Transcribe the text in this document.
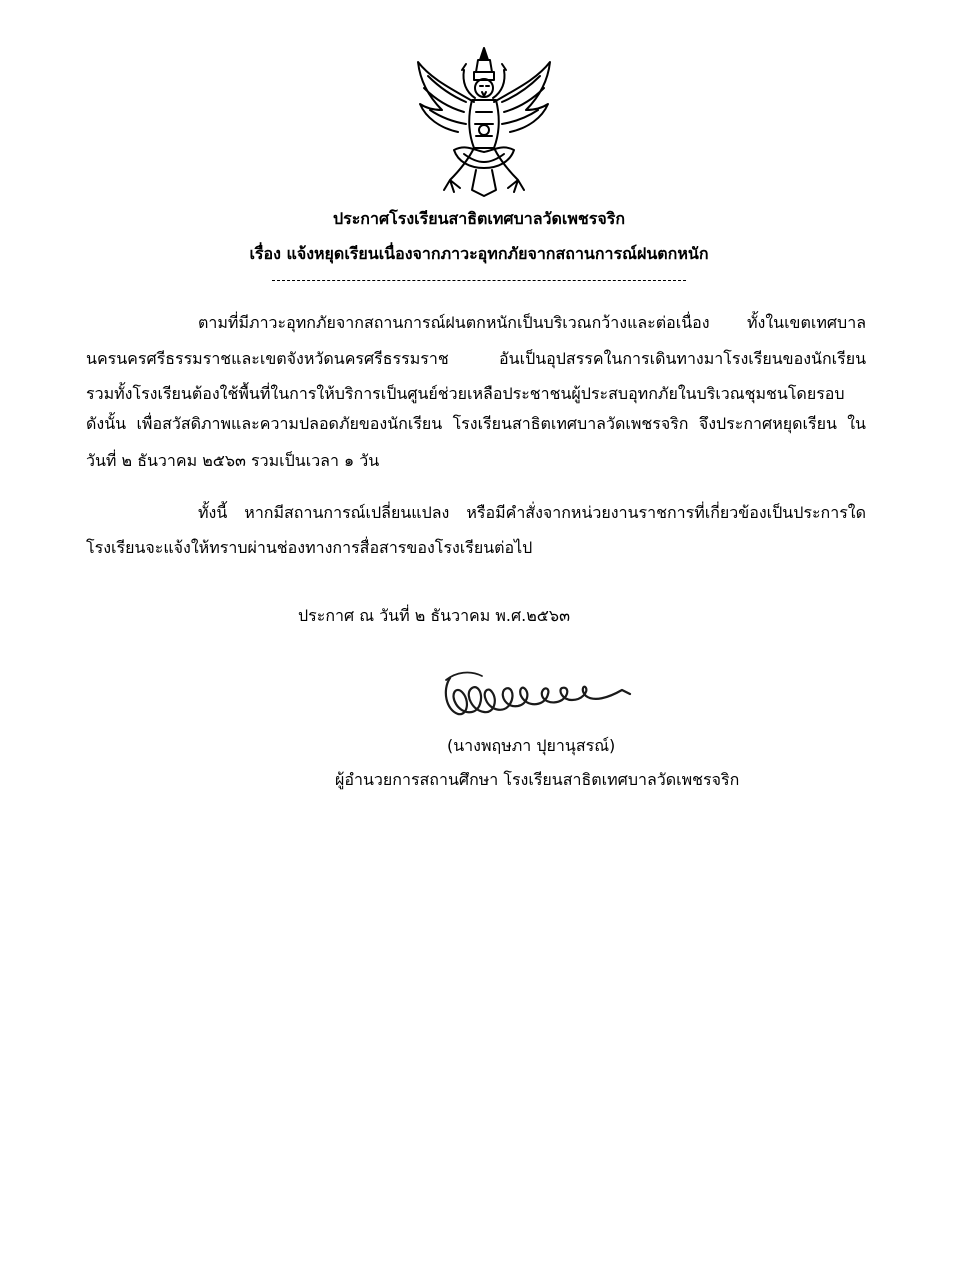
ประกาศโรงเรียนสาธิตเทศบาลวัดเพชรจริก
เรื่อง แจ้งหยุดเรียนเนื่องจากภาวะอุทกภัยจากสถานการณ์ฝนตกหนัก
ตามที่มีภาวะอุทกภัยจากสถานการณ์ฝนตกหนักเป็นบริเวณกว้างและต่อเนื่อง ทั้งในเขตเทศบาล
นครนครศรีธรรมราชและเขตจังหวัดนครศรีธรรมราช อันเป็นอุปสรรคในการเดินทางมาโรงเรียนของนักเรียน
รวมทั้งโรงเรียนต้องใช้พื้นที่ในการให้บริการเป็นศูนย์ช่วยเหลือประชาชนผู้ประสบอุทกภัยในบริเวณชุมชนโดยรอบ
ดังนั้น เพื่อสวัสดิภาพและความปลอดภัยของนักเรียน โรงเรียนสาธิตเทศบาลวัดเพชรจริก จึงประกาศหยุดเรียน ใน
วันที่ ๒ ธันวาคม ๒๕๖๓ รวมเป็นเวลา ๑ วัน
ทั้งนี้ หากมีสถานการณ์เปลี่ยนแปลง หรือมีคำสั่งจากหน่วยงานราชการที่เกี่ยวข้องเป็นประการใด
โรงเรียนจะแจ้งให้ทราบผ่านช่องทางการสื่อสารของโรงเรียนต่อไป
ประกาศ ณ วันที่ ๒ ธันวาคม พ.ศ.๒๕๖๓
(นางพฤษภา ปุยานุสรณ์)
ผู้อำนวยการสถานศึกษา โรงเรียนสาธิตเทศบาลวัดเพชรจริก
